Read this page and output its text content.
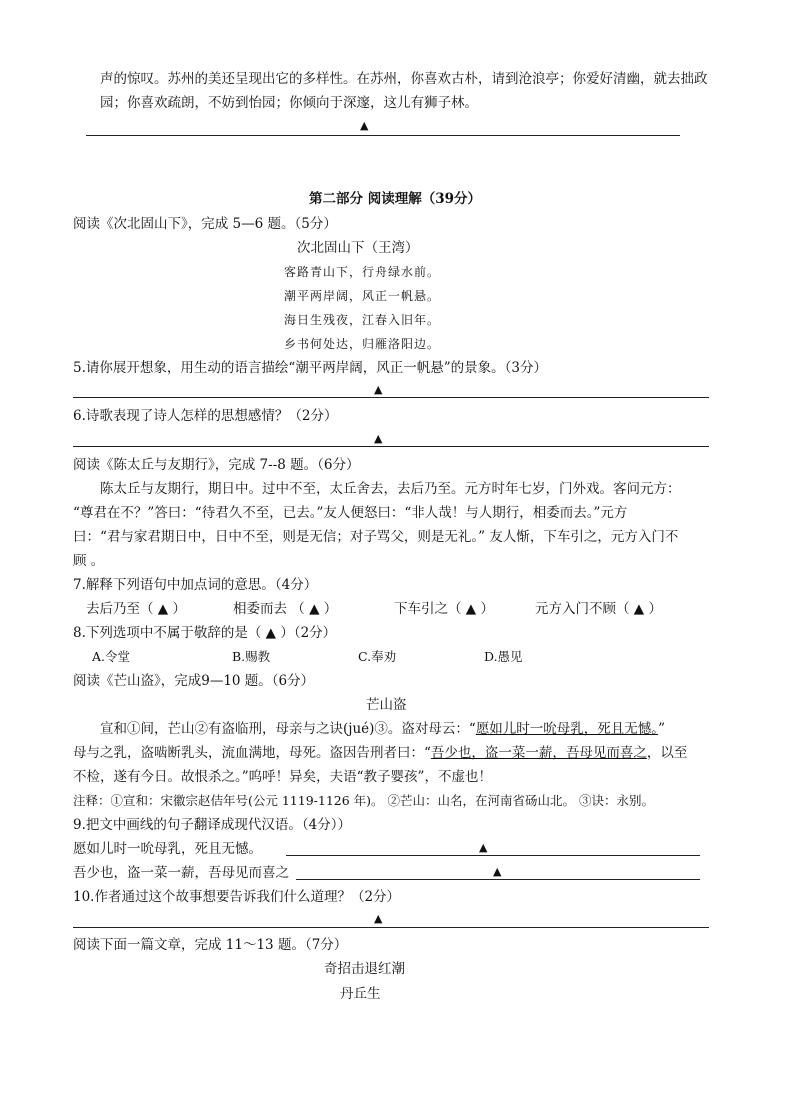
声的惊叹。苏州的美还呈现出它的多样性。在苏州，你喜欢古朴，请到沧浪亭；你爱好清幽，就去拙政
园；你喜欢疏朗，不妨到怡园；你倾向于深邃，这儿有狮子林。
▲
第二部分 阅读理解（39分）
阅读《次北固山下》，完成 5—6 题。（5分）
次北固山下（王湾）
客路青山下，行舟绿水前。
潮平两岸阔，风正一帆悬。
海日生残夜，江春入旧年。
乡书何处达，归雁洛阳边。
5.请你展开想象，用生动的语言描绘“潮平两岸阔，风正一帆悬”的景象。（3分）
▲
6.诗歌表现了诗人怎样的思想感情？（2分）
▲
阅读《陈太丘与友期行》，完成 7--8 题。（6分）
陈太丘与友期行，期日中。过中不至，太丘舍去，去后乃至。元方时年七岁，门外戏。客问元方：
“尊君在不？”答曰：“待君久不至，已去。”友人便怒曰：“非人哉！与人期行，相委而去。”元方
曰：“君与家君期日中，日中不至，则是无信；对子骂父，则是无礼。” 友人惭，下车引之，元方入门不
顾 。
7.解释下列语句中加点词的意思。（4分）
去后乃至（ ▲ ）	相委而去 （ ▲ ）	下车引之（ ▲ ）	元方入门不顾（ ▲ ）
8.下列选项中不属于敬辞的是（ ▲ ）（2分）
A.令堂	B.赐教	C.奉劝	D.愚见
阅读《芒山盗》，完成9—10 题。（6分）
芒山盗
宣和①间，芒山②有盗临刑，母亲与之诀(jué)③。盗对母云：“愿如儿时一吮母乳，死且无憾。”
母与之乳，盗啮断乳头，流血满地，母死。盗因告刑者曰：“吾少也，盗一菜一薪，吾母见而喜之，以至
不检，遂有今日。故恨杀之。”呜呼！异矣，夫语“教子婴孩”，不虚也！
注释：①宣和：宋徽宗赵佶年号(公元 1119-1126 年)。 ②芒山：山名，在河南省砀山北。 ③诀：永别。
9.把文中画线的句子翻译成现代汉语。（4分））
愿如儿时一吮母乳，死且无憾。	▲
吾少也，盗一菜一薪，吾母见而喜之	▲
10.作者通过这个故事想要告诉我们什么道理？（2分）
▲
阅读下面一篇文章，完成 11～13 题。（7分）
奇招击退红潮
丹丘生
